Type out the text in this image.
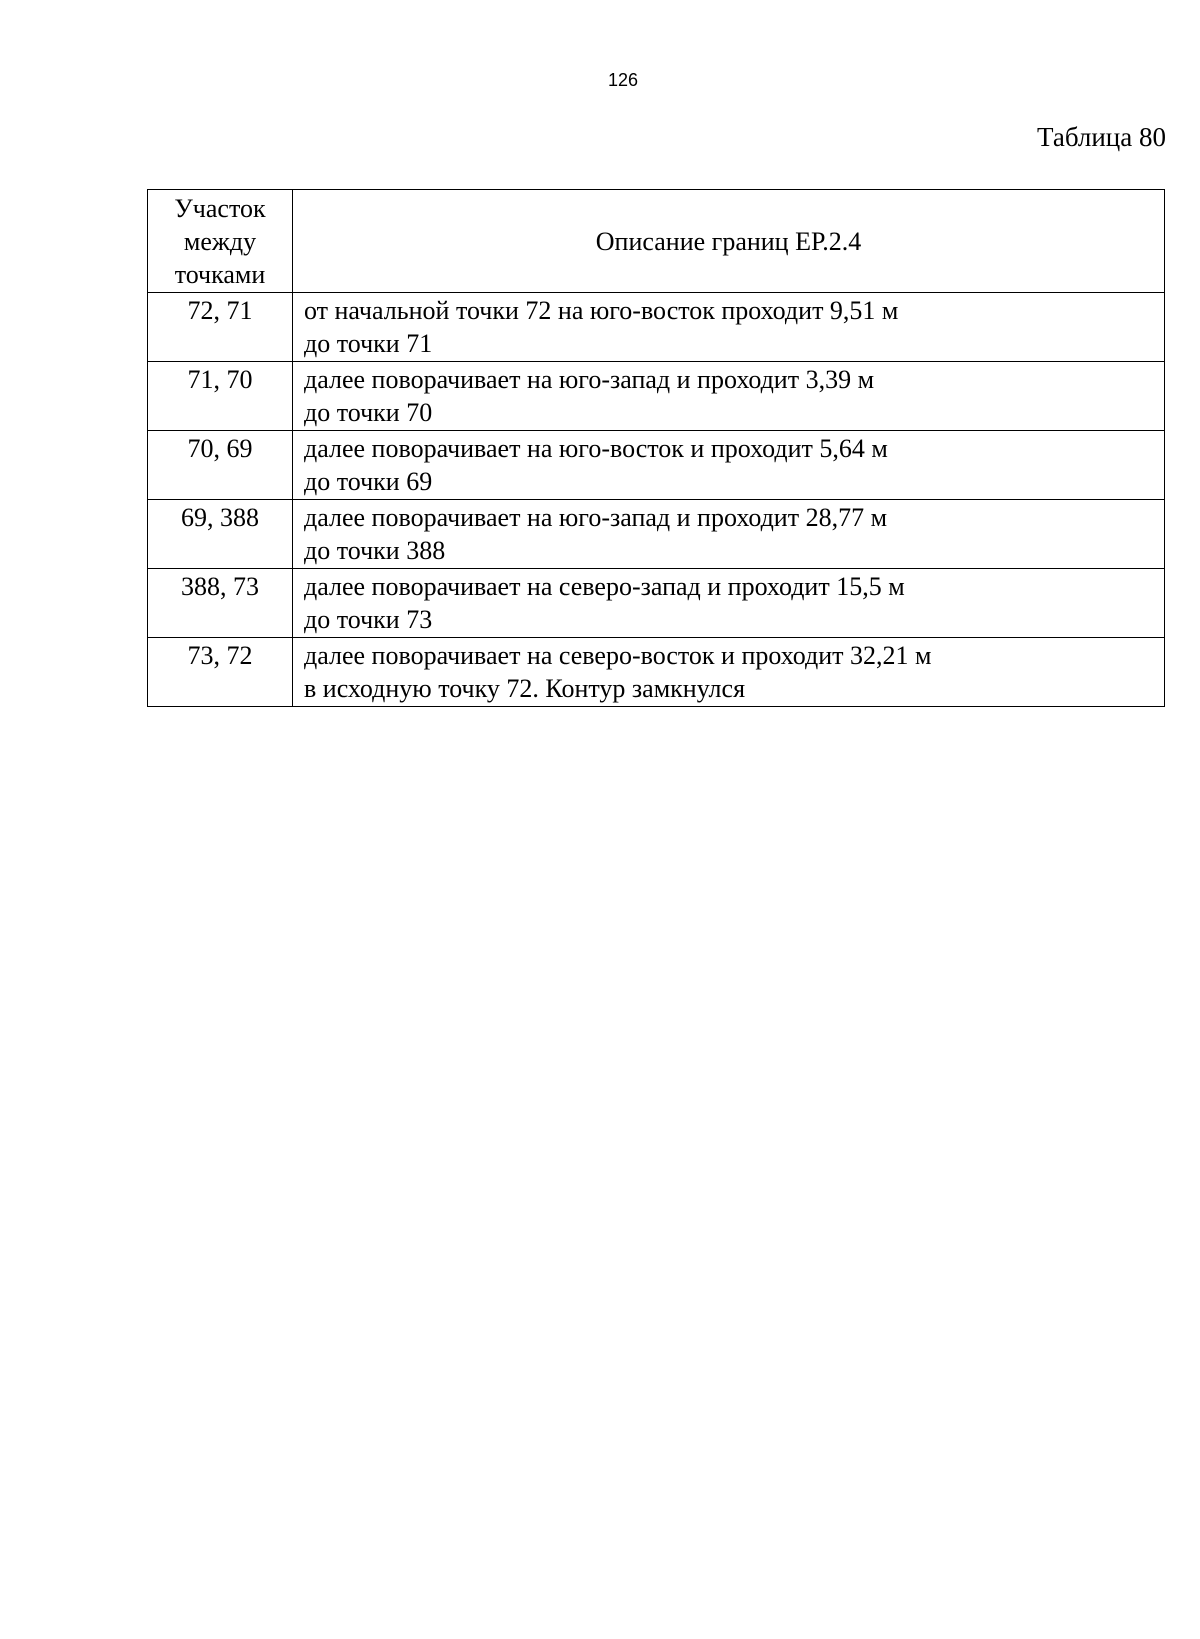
126
Таблица 80
Участок
между
точками	Описание границ ЕР.2.4
72, 71	от начальной точки 72 на юго-восток проходит 9,51 м
до точки 71

71, 70	далее поворачивает на юго-запад и проходит 3,39 м
до точки 70

70, 69	далее поворачивает на юго-восток и проходит 5,64 м
до точки 69

69, 388	далее поворачивает на юго-запад и проходит 28,77 м
до точки 388

388, 73	далее поворачивает на северо-запад и проходит 15,5 м
до точки 73

73, 72	далее поворачивает на северо-восток и проходит 32,21 м
в исходную точку 72. Контур замкнулся
